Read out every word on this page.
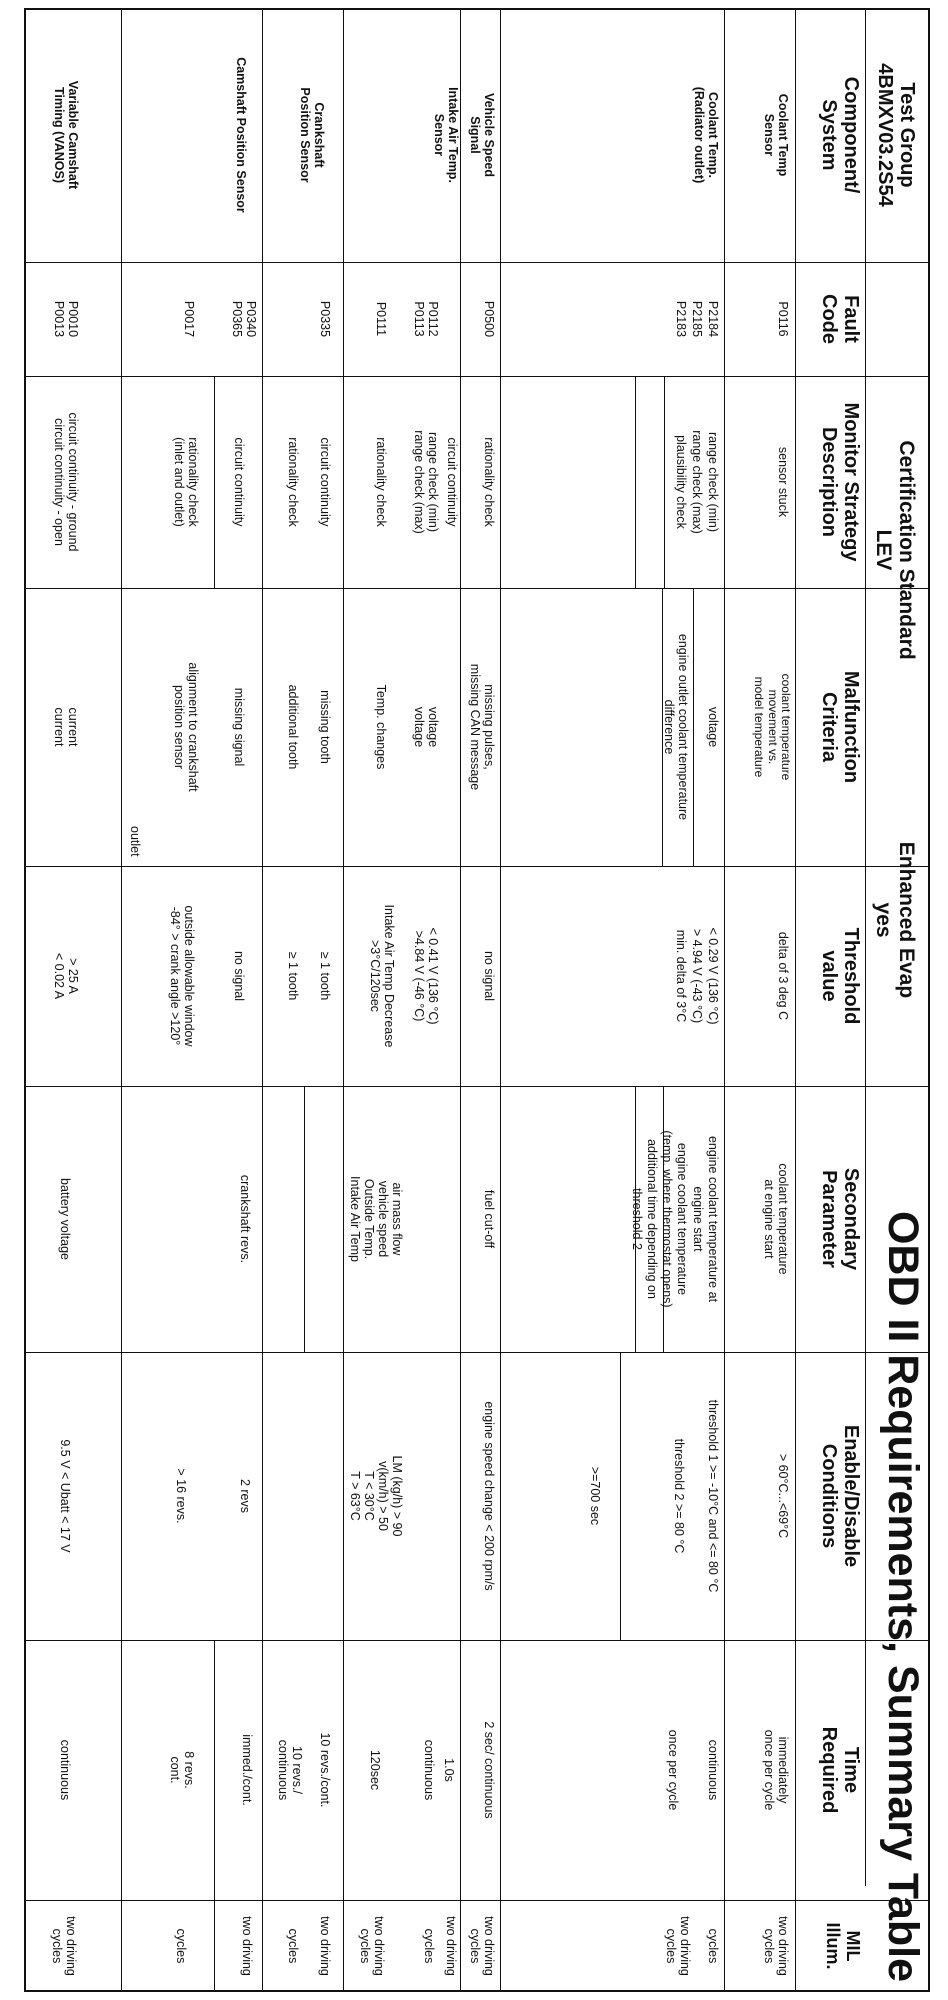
Test Group
4BMXV03.2S54
Certification Standard
LEV
Enhanced Evap
yes
OBD II Requirements, Summary Table
Component/
System
Fault
Code
Monitor Strategy
Description
Malfunction
Criteria
Threshold
value
Secondary
Parameter
Enable/Disable
Conditions
Time
Required
MIL
Illum.
Coolant Temp
Sensor
P0116
sensor stuck
coolant temperature
movement vs.
model temperature
delta of 3 deg C
coolant temperature
at engine start
> 60°C...<69°C
immediately
once per cycle
two driving
cycles
Coolant Temp.
(Radiator outlet)
P2184
P2185
P2183
range check (min)
range check (max)
plausibility check
voltage
engine outlet coolant temperature
difference
< 0.29 V (136 °C)
> 4.94 V (-43 °C)
min. delta of 3°C
engine coolant temperature at
engine start
engine coolant temperature
(temp. where thermostat opens)
additional time depending on
threshold 2
threshold 1 >= -10°C and <= 80 °C
threshold 2 >= 80 °C
>=700 sec
continuous
once per cycle
cycles
two driving
cycles
Vehicle Speed
Signal
P0500
rationality check
missing pulses,
missing CAN message
no signal
fuel cut-off
engine speed change < 200 rpm/s
2 sec/ continuous
two driving
cycles
Intake Air Temp.
Sensor
P0112
P0113
P0111
circuit continuity
range check (min)
range check (max)
rationality check
voltage
voltage
Temp. changes
< 0.41 V (136 °C)
>4.84 V (-46 °C)
Intake Air Temp Decrease
>3°C/120sec
air mass flow
vehicle speed
Outside Temp.
Intake Air Temp
LM (kg/h) > 90
v(km/h) > 50
T < 30°C
T > 63°C
1.0s
continuous
120sec
two driving
cycles
two driving
cycles
Crankshaft
Position Sensor
P0335
circuit continuity
rationality check
missing tooth
additional tooth
≥ 1 tooth
≥ 1 tooth
crankshaft revs.
2 revs
10 revs./cont.
10 revs./
continuous
two driving
cycles
Camshaft Position Sensor
P0340
P0365
P0017
circuit continuity
rationality check
(inlet and outlet)
missing signal
alignment to crankshaft
position sensor
outlet
no signal
outside allowable window
-84° > crank angle >120°
> 16 revs.
immed./cont.
8 revs.
cont.
two driving
cycles
Variable Camshaft
Timing (VANOS)
P0010
P0013
circuit continuity - ground
circuit continuity - open
current
current
> 25 A
< 0.02 A
battery voltage
9.5 V < Ubatt < 17 V
continuous
two driving
cycles
